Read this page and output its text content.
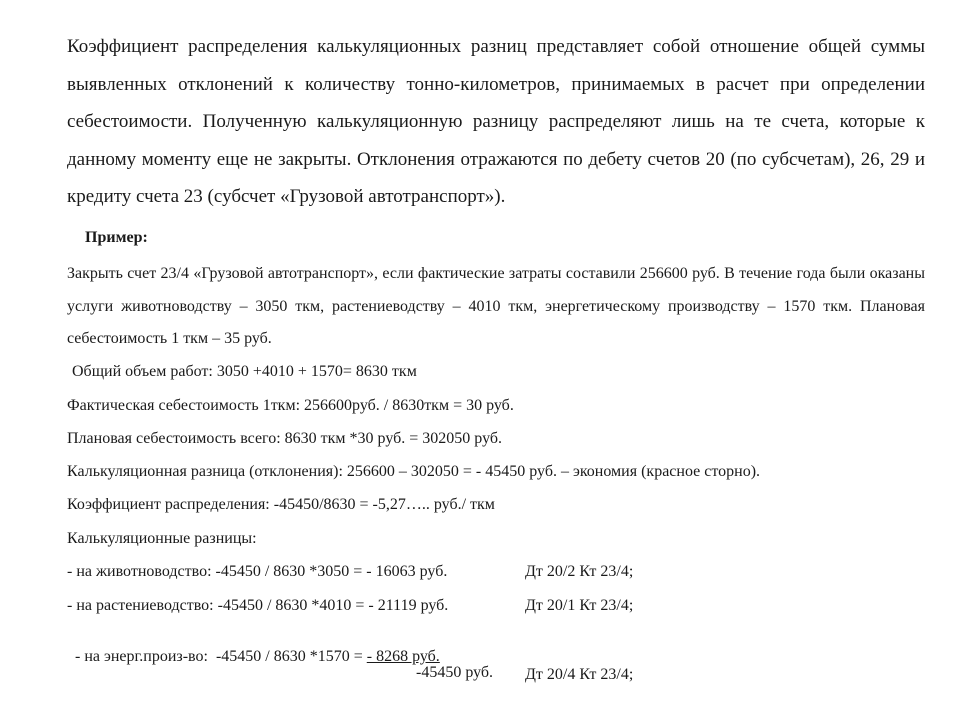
Коэффициент распределения калькуляционных разниц представляет собой отношение общей суммы выявленных отклонений к количеству тонно-километров, принимаемых в расчет при определении себестоимости. Полученную калькуляционную разницу распределяют лишь на те счета, которые к данному моменту еще не закрыты. Отклонения отражаются по дебету счетов 20 (по субсчетам), 26, 29 и кредиту счета 23 (субсчет «Грузовой автотранспорт»).

Пример:

Закрыть счет 23/4 «Грузовой автотранспорт», если фактические затраты составили 256600 руб. В течение года были оказаны услуги животноводству – 3050 ткм, растениеводству – 4010 ткм, энергетическому производству – 1570 ткм. Плановая себестоимость 1 ткм – 35 руб.

Общий объем работ: 3050 +4010 + 1570= 8630 ткм

Фактическая себестоимость 1ткм: 256600руб. / 8630ткм = 30 руб.

Плановая себестоимость всего: 8630 ткм *30 руб. = 302050 руб.

Калькуляционная разница (отклонения): 256600 – 302050 = - 45450 руб. – экономия (красное сторно).

Коэффициент распределения: -45450/8630 = -5,27….. руб./ ткм

Калькуляционные разницы:

- на животноводство: -45450 / 8630 *3050 = - 16063 руб.	Дт 20/2 Кт 23/4;
- на растениеводство: -45450 / 8630 *4010 = - 21119 руб.	Дт 20/1 Кт 23/4;

- на энерг.произ-во:  -45450 / 8630 *1570 = - 8268 руб.

Дт 20/4 Кт 23/4;

-45450 руб.
